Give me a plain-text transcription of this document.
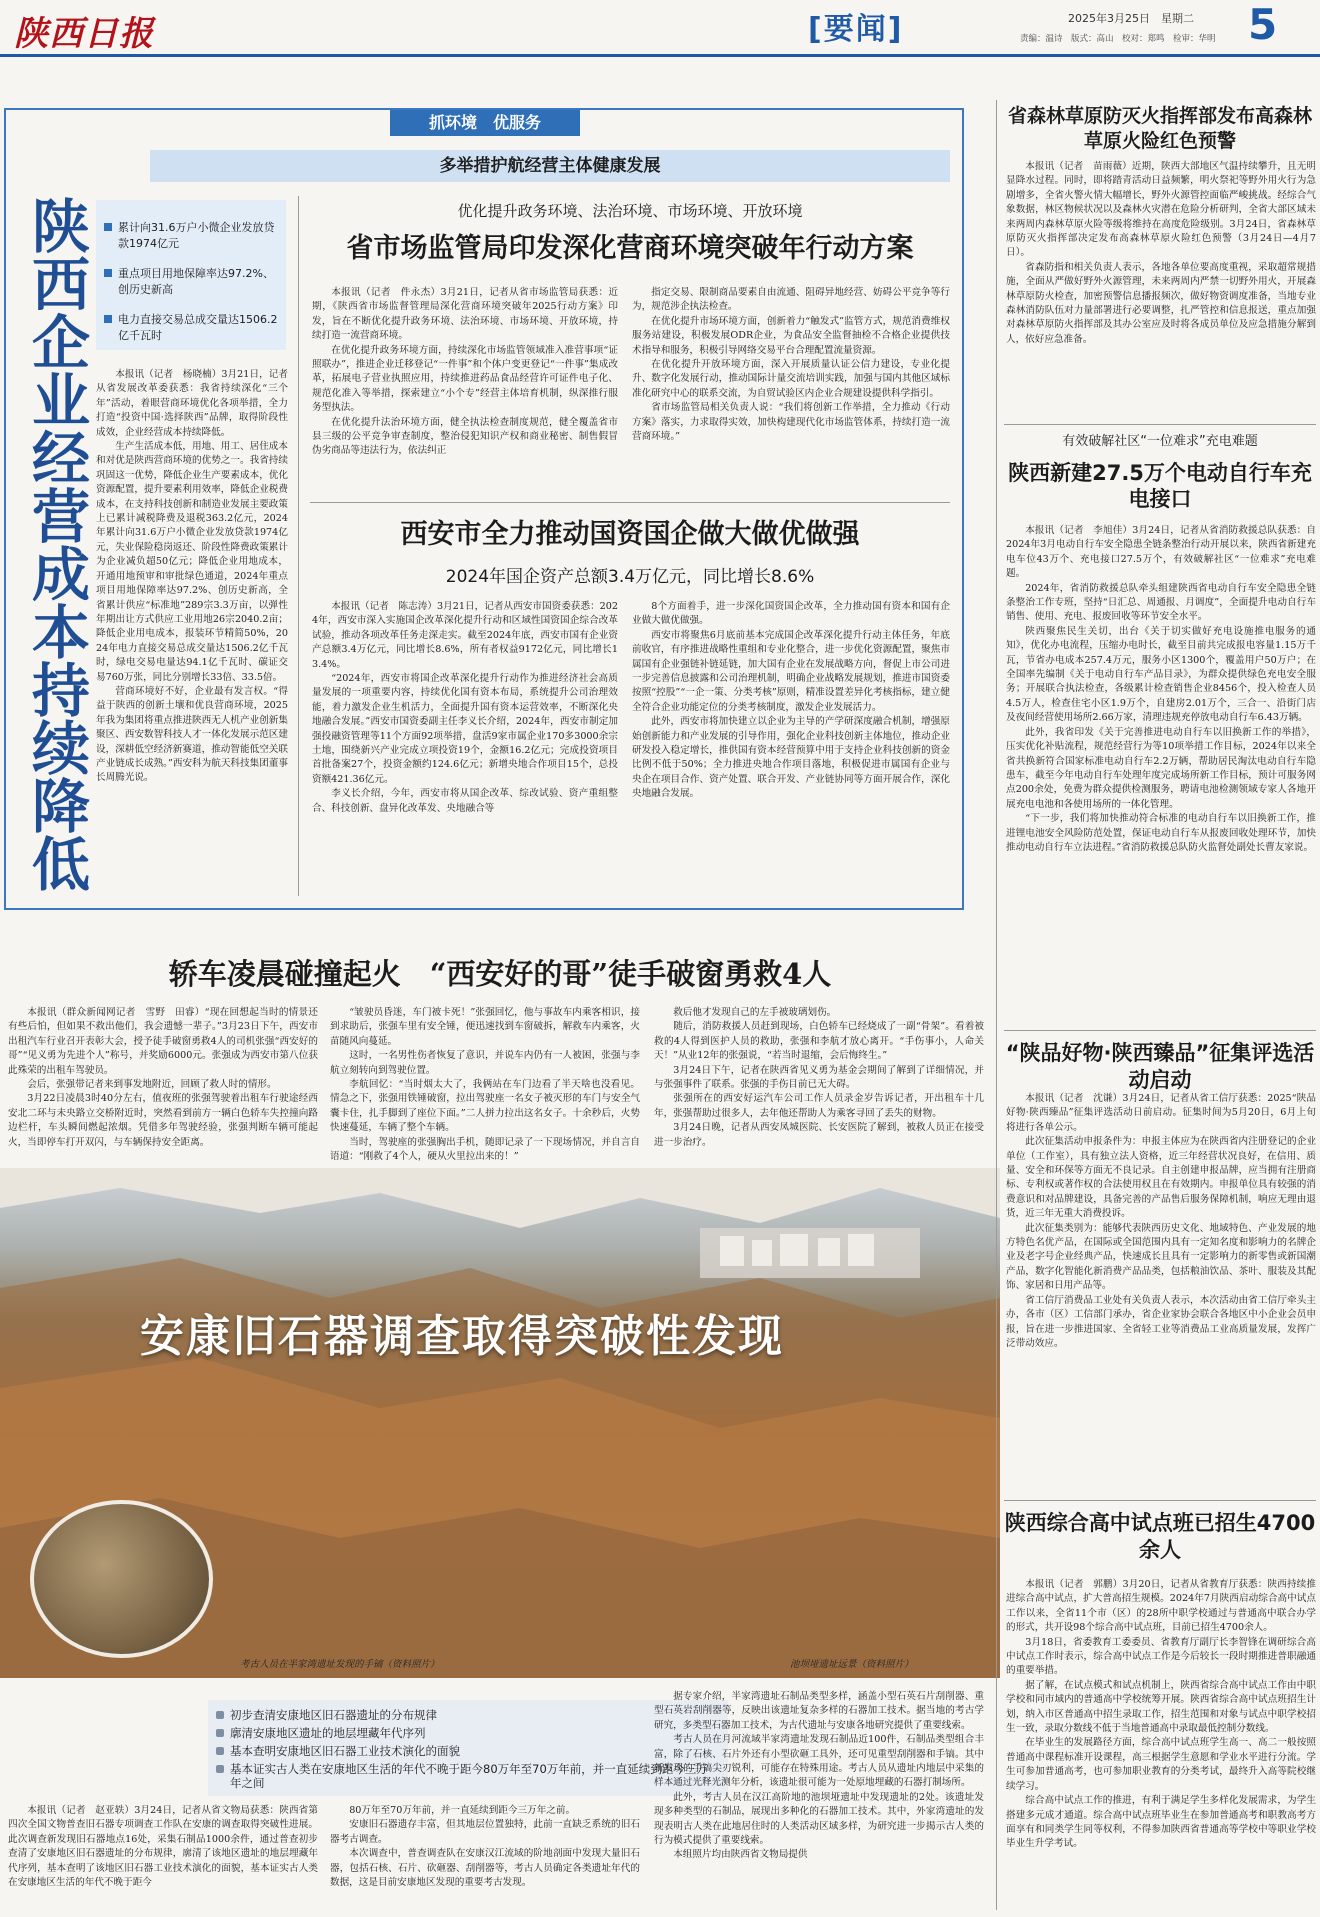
陕西日报	[要闻]	2025年3月25日　星期二
责编：温诗　版式：高山　校对：郑鸣　检审：华明 5
抓环境　优服务
多举措护航经营主体健康发展
陕西企业经营成本持续降低	累计向31.6万户小微企业发放贷款1974亿元
重点项目用地保障率达97.2%、创历史新高
电力直接交易总成交量达1506.2亿千瓦时

本报讯（记者　杨晓楠）3月21日，记者从省发展改革委获悉：我省持续深化“三个年”活动，着眼营商环境优化各项举措，全力打造“投资中国·选择陕西”品牌，取得阶段性成效，企业经营成本持续降低。

生产生活成本低，用地、用工、居住成本和对优是陕西营商环境的优势之一。我省持续巩固这一优势，降低企业生产要素成本，优化资源配置，提升要素利用效率，降低企业税费成本，在支持科技创新和制造业发展主要政策上已累计减税降费及退税363.2亿元，2024年累计向31.6万户小微企业发放贷款1974亿元，失业保险稳岗返还、阶段性降费政策累计为企业减负超50亿元；降低企业用地成本，开通用地预审和审批绿色通道，2024年重点项目用地保障率达97.2%、创历史新高，全省累计供应“标准地”289宗3.3万亩，以弹性年期出让方式供应工业用地26宗2040.2亩；降低企业用电成本，报装环节精简50%，2024年电力直接交易总成交量达1506.2亿千瓦时，绿电交易电量达94.1亿千瓦时、碳证交易760万张，同比分别增长33倍、33.5倍。

营商环境好不好，企业最有发言权。“得益于陕西的创新土壤和优良营商环境，2025年我为集团将重点推进陕西无人机产业创新集聚区、西安数智科技人才一体化发展示范区建设，深耕低空经济新赛道，推动智能低空关联产业链成长成熟。”西安科为航天科技集团董事长周腾光说。

优化提升政务环境、法治环境、市场环境、开放环境
省市场监管局印发深化营商环境突破年行动方案

本报讯（记者　件永杰）3月21日，记者从省市场监管局获悉：近期，《陕西省市场监督管理局深化营商环境突破年2025行动方案》印发，旨在不断优化提升政务环境、法治环境、市场环境、开放环境，持续打造一流营商环境。

在优化提升政务环境方面，持续深化市场监管领域准入准营事项“证照联办”，推进企业迁移登记“一件事”和个体户变更登记“一件事”集成改革，拓展电子营业执照应用，持续推进药品食品经营许可证件电子化、规范化准入等举措，探索建立“小个专”经营主体培育机制，纵深推行服务型执法。

在优化提升法治环境方面，健全执法检查制度规范，健全覆盖省市县三级的公平竞争审查制度，整治侵犯知识产权和商业秘密、制售假冒伪劣商品等违法行为，依法纠正

指定交易、限制商品要素自由流通、阻碍异地经营、妨碍公平竞争等行为，规范涉企执法检查。

在优化提升市场环境方面，创新着力“触发式”监管方式，规范消费维权服务站建设，积极发展ODR企业，为食品安全监督抽检不合格企业提供技术指导和服务，积极引导网络交易平台合理配置流量资源。

在优化提升开放环境方面，深入开展质量认证公信力建设，专业化提升、数字化发展行动，推动国际计量交流培训实践，加强与国内其他区域标准化研究中心的联系交流，为自贸试验区内企业合规建设提供科学指引。

省市场监管局相关负责人说：“我们将创新工作举措，全力推动《行动方案》落实，力求取得实效，加快构建现代化市场监管体系，持续打造一流营商环境。”

西安市全力推动国资国企做大做优做强
2024年国企资产总额3.4万亿元，同比增长8.6%

本报讯（记者　陈志涛）3月21日，记者从西安市国资委获悉：2024年，西安市深入实施国企改革深化提升行动和区域性国资国企综合改革试验，推动各项改革任务走深走实。截至2024年底，西安市国有企业资产总额3.4万亿元，同比增长8.6%，所有者权益9172亿元，同比增长13.4%。

“2024年，西安市将国企改革深化提升行动作为推进经济社会高质量发展的一项重要内容，持续优化国有资本布局，系统提升公司治理效能，着力激发企业生机活力，全面提升国有资本运营效率，不断深化央地融合发展。”西安市国资委副主任李义长介绍，2024年，西安市制定加强投融资管理等11个方面92项举措，盘活9家市属企业170多3000余宗土地，围绕新兴产业完成立项投资19个，金额16.2亿元；完成投资项目首批备案27个，投资金额约124.6亿元；新增央地合作项目15个，总投资额421.36亿元。

李义长介绍，今年，西安市将从国企改革、综改试验、资产重组整合、科技创新、盘异化改革发、央地融合等

8个方面着手，进一步深化国资国企改革，全力推动国有资本和国有企业做大做优做强。

西安市将聚焦6月底前基本完成国企改革深化提升行动主体任务，年底前收官，有序推进战略性重组和专业化整合，进一步优化资源配置，聚焦市属国有企业强链补链延链，加大国有企业在发展战略方向，督促上市公司进一步完善信息披露和公司治理机制，明确企业战略发展规划，推进市国资委按照“控股”“一企一策、分类考核”原则，精准设置差异化考核指标，建立健全符合企业功能定位的分类考核制度，激发企业发展活力。

此外，西安市将加快建立以企业为主导的产学研深度融合机制，增强原始创新能力和产业发展的引导作用，强化企业科技创新主体地位，推动企业研发投入稳定增长，推供国有资本经营预算中用于支持企业科技创新的资金比例不低于50%；全力推进央地合作项目落地，积极促进市属国有企业与央企在项目合作、资产处置、联合开发、产业链协同等方面开展合作，深化央地融合发展。

轿车凌晨碰撞起火　“西安好的哥”徒手破窗勇救4人

本报讯（群众新闻网记者　雪野　田睿）“现在回想起当时的情景还有些后怕，但如果不救出他们，我会遗憾一辈子。”3月23日下午，西安市出租汽车行业召开表彰大会，授予徒手破窗勇救4人的司机张强“西安好的哥”“见义勇为先进个人”称号，并奖励6000元。张强成为西安市第八位获此殊荣的出租车驾驶员。

会后，张强带记者来到事发地附近，回顾了救人时的情形。

3月22日凌晨3时40分左右，值夜班的张强驾驶着出租车行驶途经西安北二环与未央路立交桥附近时，突然看到前方一辆白色轿车失控撞向路边栏杆，车头瞬间燃起浓烟。凭借多年驾驶经验，张强判断车辆可能起火，当即停车打开双闪，与车辆保持安全距离。

“皱驶员昏迷，车门被卡死！”张强回忆，他与事故车内乘客相识，接到求助后，张强车里有安全锤，便迅速找到车窗破拆，解救车内乘客，火苗随风向蔓延。

这时，一名男性伤者恢复了意识，并说车内仍有一人被困，张强与李航立刻转向到驾驶位置。

李航回忆：“当时烟太大了，我俩站在车门边看了半天啥也没看见。情急之下，张强用铁锤破窗，拉出驾驶座一名女子被灭形的车门与安全气囊卡住，扎手脚到了座位下面。”二人拼力拉出这名女子。十余秒后，火势快速蔓延，车辆了整个车辆。

当时，驾驶座的张强胸出手机，随即记录了一下现场情况，并自言自语道：“刚救了4个人，硬从火里拉出来的！”

救后他才发现自己的左手被玻璃划伤。

随后，消防救援人员赶到现场，白色轿车已经烧成了一副“骨架”。看着被救的4人得到医护人员的救助，张强和李航才放心离开。“手伤事小，人命关天！”从业12年的张强说，“若当时退缩，会后悔终生。”

3月24日下午，记者在陕西省见义勇为基金会期间了解到了详细情况，并与张强事件了联系。张强的手伤目前已无大碍。

张强所在的西安好运汽车公司工作人员录金岁告诉记者，开出租车十几年，张强帮助过很多人，去年他还帮助人为乘客寻回了丢失的财物。

3月24日晚，记者从西安凤城医院、长安医院了解到，被救人员正在接受进一步治疗。

安康旧石器调查取得突破性发现
考古人员在半家湾遗址发现的手镐（资料照片）	池坝垭遗址远景（资料照片）
初步查清安康地区旧石器遗址的分布规律
廓清安康地区遗址的地层埋藏年代序列
基本查明安康地区旧石器工业技术演化的面貌
基本证实古人类在安康地区生活的年代不晚于距今80万年至70万年前，并一直延续到距今三万年之间

本报讯（记者　赵亚轶）3月24日，记者从省文物局获悉：陕西省第四次全国文物普查旧石器专项调查工作队在安康的调查取得突破性进展。此次调查新发现旧石器地点16处，采集石制品1000余件，通过普查初步查清了安康地区旧石器遗址的分布规律，廓清了该地区遗址的地层埋藏年代序列，基本查明了该地区旧石器工业技术演化的面貌，基本证实古人类在安康地区生活的年代不晚于距今

80万年至70万年前，并一直延续到距今三万年之前。

安康旧石器遗存丰富，但其地层位置独特，此前一直缺乏系统的旧石器考古调查。

本次调查中，普查调查队在安康汉江流域的阶地剖面中发现大量旧石器，包括石核、石片、砍砸器、刮削器等，考古人员确定各类遗址年代的数据，这是目前安康地区发现的重要考古发现。

据专家介绍，半家湾遗址石制品类型多样，涵盖小型石英石片刮削器、重型石英岩刮削器等，反映出该遗址复杂多样的石器加工技术。据当地的考古学研究，多类型石器加工技术，为古代遗址与安康各地研究提供了重要线索。

考古人员在月河流域半家湾遗址发现石制品近100件，石制品类型组合丰富，除了石核、石片外还有小型砍砸工具外，还可见重型刮削器和手镐。其中新发现的手镐尖刃锐利，可能存在特殊用途。考古人员从遗址内地层中采集的样本通过光释光测年分析，该遗址很可能为一处原地埋藏的石器打制场所。

此外，考古人员在汉江高阶地的池坝垭遗址中发现遗址的2处。该遗址发现多种类型的石制品，展现出多种化的石器加工技术。其中，外家湾遗址的发现表明古人类在此地居住时的人类活动区域多样，为研究进一步揭示古人类的行为模式提供了重要线索。

本组照片均由陕西省文物局提供

省森林草原防灭火指挥部发布高森林草原火险红色预警

本报讯（记者　苗雨薇）近期，陕西大部地区气温持续攀升，且无明显降水过程。同时，即将踏青活动日益频繁，明火祭祀等野外用火行为急剧增多，全省火警火情大幅增长，野外火源管控面临严峻挑战。经综合气象数据，林区物候状况以及森林火灾潜在危险分析研判，全省大部区域未来两周内森林草原火险等级将维持在高度危险级别。3月24日，省森林草原防灭火指挥部决定发布高森林草原火险红色预警（3月24日—4月7日）。

省森防指和相关负责人表示，各地各单位要高度重视，采取超常规措施，全面从严做好野外火源管理，未来两周内严禁一切野外用火，开展森林草原防火检查，加密预警信息播报频次，做好物资调度准备，当地专业森林消防队伍对力量部署进行必要调整，扎严管控和信息报送，重点加强对森林草原防火指挥部及其办公室应及时将各成员单位及应急措施分解到人，依好应急准备。

有效破解社区“一位难求”充电难题
陕西新建27.5万个电动自行车充电接口

本报讯（记者　李旭佳）3月24日，记者从省消防救援总队获悉：自2024年3月电动自行车安全隐患全链条整治行动开展以来，陕西省新建充电车位43万个、充电接口27.5万个，有效破解社区“一位难求”充电难题。

2024年，省消防救援总队牵头组建陕西省电动自行车安全隐患全链条整治工作专班，坚持“日汇总、周通报、月调度”，全面提升电动自行车销售、使用、充电、报废回收等环节安全水平。

陕西聚焦民生关切，出台《关于切实做好充电设施推电服务的通知》，优化办电流程，压缩办电时长，截至目前共完成报电容量1.15万千瓦，节省办电成本257.4万元，服务小区1300个，覆盖用户50万户；在全国率先编制《关于电动自行车产品目录》，为群众提供绿色充电安全服务；开展联合执法检查，各级累计检查销售企业8456个，投入检查人员4.5万人，检查住宅小区1.9万个，自建房2.01万个，三合一、沿街门店及夜间经营使用场所2.66万家，清理违规充停放电动自行车6.43万辆。

此外，我省印发《关于完善推进电动自行车以旧换新工作的举措》，压实优化补贴流程，规范经营行为等10项举措工作目标，2024年以来全省共换新符合国家标准电动自行车2.2万辆，帮助居民淘汰电动自行车隐患车，截至今年电动自行车处理年度完成场所新工作目标，预计可服务网点200余处，免费为群众提供检测服务，聘请电池检测领域专家人各地开展充电电池和各使用场所的一体化管理。

“下一步，我们将加快推动符合标准的电动自行车以旧换新工作，推进锂电池安全风险防范处置，保证电动自行车从报废回收处理环节，加快推动电动自行车立法进程。”省消防救援总队防火监督处副处长曹友家说。

“陕品好物·陕西臻品”征集评选活动启动

本报讯（记者　沈谦）3月24日，记者从省工信厅获悉：2025“陕品好物·陕西臻品”征集评选活动日前启动。征集时间为5月20日，6月上旬将进行各单公示。

此次征集活动申报条件为：申报主体应为在陕西省内注册登记的企业单位（工作室），具有独立法人资格，近三年经营状况良好，在信用、质量、安全和环保等方面无不良记录。自主创建申报品牌，应当拥有注册商标、专利权或著作权的合法使用权且在有效期内。申报单位具有较强的消费意识和对品牌建设，具备完善的产品售后服务保障机制，响应无理由退货，近三年无重大消费投诉。

此次征集类别为：能够代表陕西历史文化、地域特色、产业发展的地方特色名优产品，在国际或全国范围内具有一定知名度和影响力的名牌企业及老字号企业经典产品，快速成长且具有一定影响力的新零售或新国潮产品，数字化智能化新消费产品品类，包括粮油饮品、茶叶、服装及其配饰、家居和日用产品等。

省工信厅消费品工业处有关负责人表示，本次活动由省工信厅牵头主办，各市（区）工信部门承办，省企业家协会联合各地区中小企业会员申报，旨在进一步推进国家、全省轻工业等消费品工业高质量发展，发挥广泛带动效应。

陕西综合高中试点班已招生4700余人

本报讯（记者　郭鹏）3月20日，记者从省教育厅获悉：陕西持续推进综合高中试点，扩大普高招生规模。2024年7月陕西启动综合高中试点工作以来，全省11个市（区）的28所中职学校通过与普通高中联合办学的形式，共开设98个综合高中试点班，目前已招生4700余人。

3月18日，省委教育工委委员、省教育厅副厅长李智锋在调研综合高中试点工作时表示，综合高中试点工作是今后较长一段时期推进普职融通的重要举措。

据了解，在试点模式和试点机制上，陕西省综合高中试点工作由中职学校和同市域内的普通高中学校统筹开展。陕西省综合高中试点班招生计划，纳入市区普通高中招生录取工作，招生范围和对象与试点中职学校招生一致，录取分数线不低于当地普通高中录取最低控制分数线。

在毕业生的发展路径方面，综合高中试点班学生高一、高二一般按照普通高中课程标准开设课程，高三根据学生意愿和学业水平进行分流。学生可参加普通高考，也可参加职业教育的分类考试，最终升入高等院校继续学习。

综合高中试点工作的推进，有利于满足学生多样化发展需求，为学生搭建多元成才通道。综合高中试点班毕业生在参加普通高考和职教高考方面享有和同类学生同等权利，不得参加陕西省普通高等学校中等职业学校毕业生升学考试。
